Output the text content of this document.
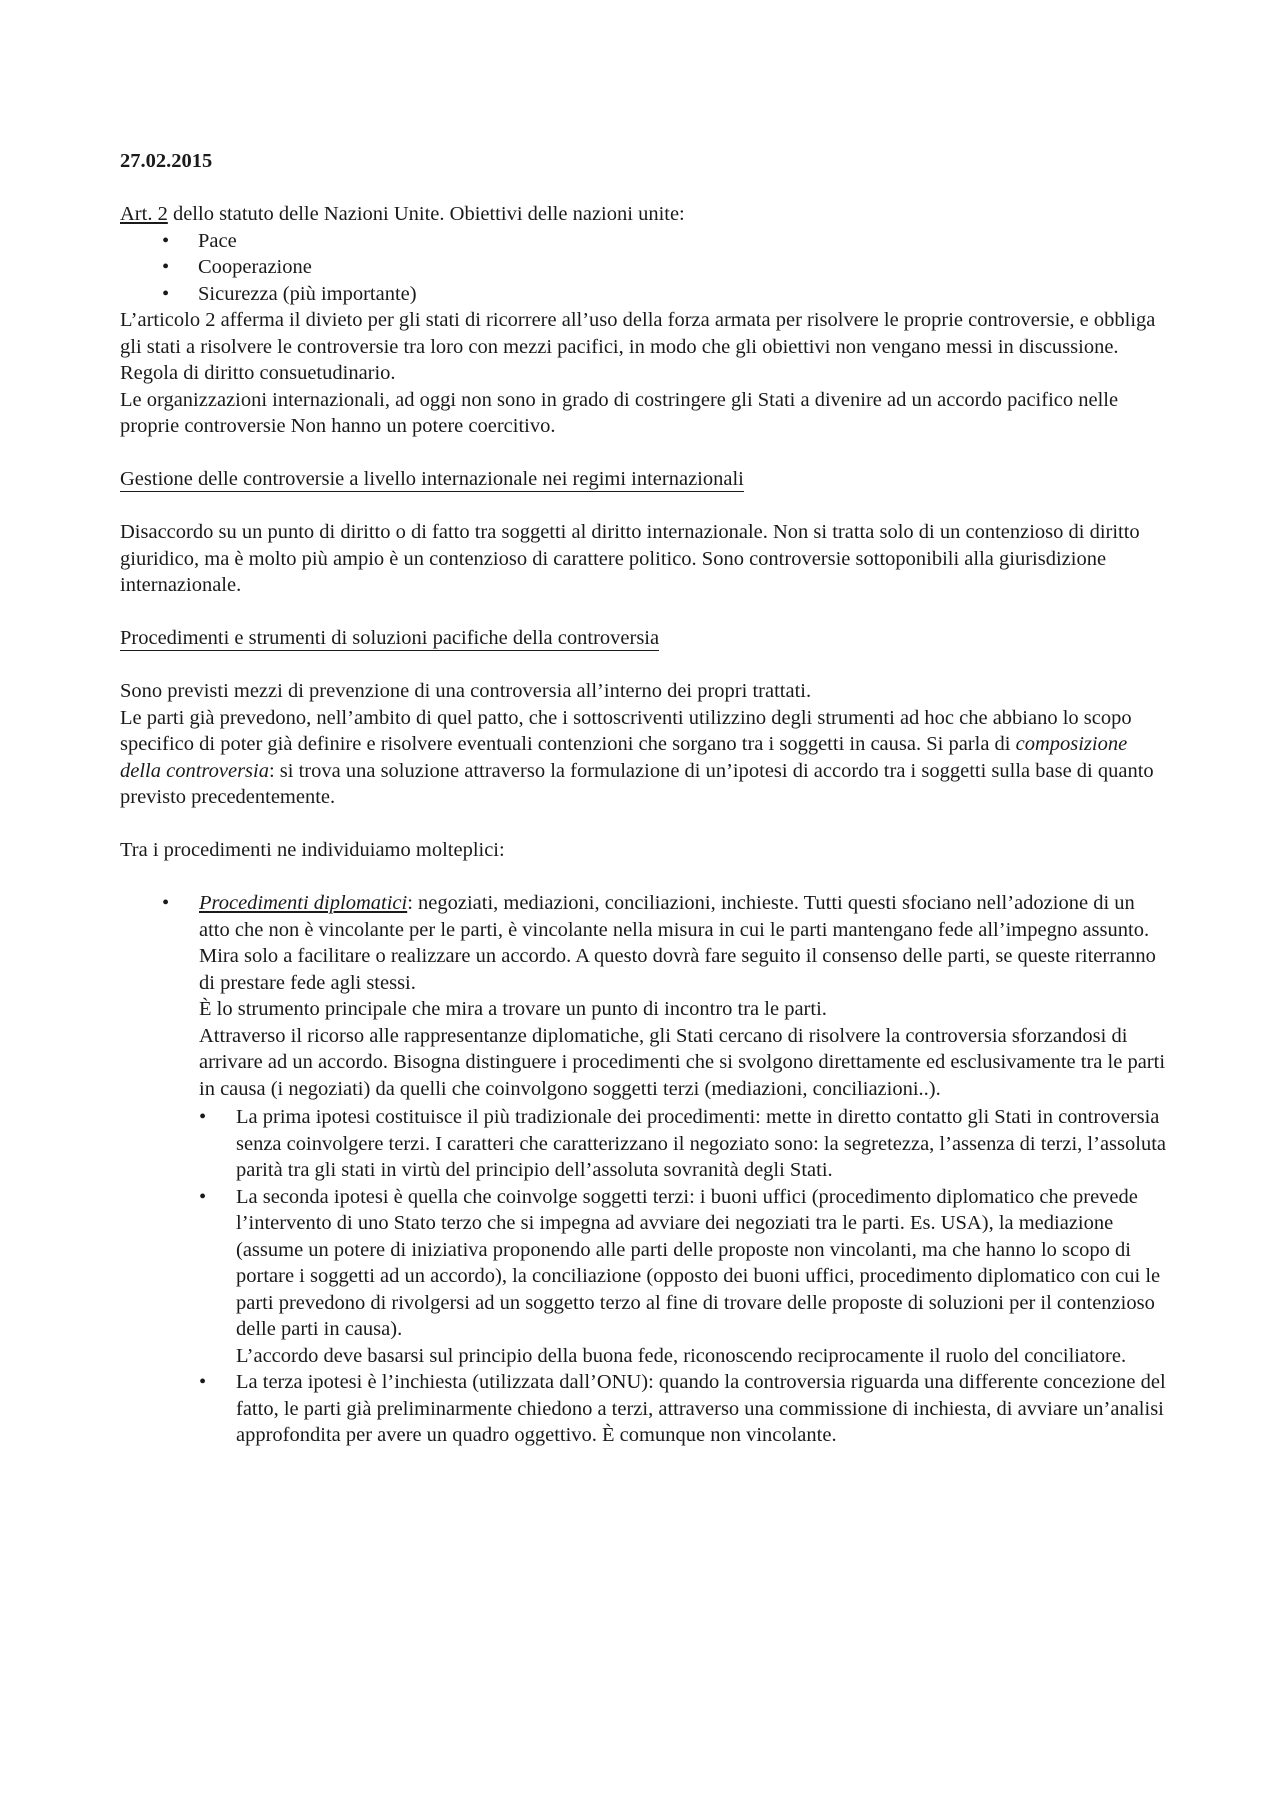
27.02.2015

Art. 2 dello statuto delle Nazioni Unite. Obiettivi delle nazioni unite:

• Pace
• Cooperazione
• Sicurezza (più importante)

L’articolo 2 afferma il divieto per gli stati di ricorrere all’uso della forza armata per risolvere le proprie controversie, e obbliga gli stati a risolvere le controversie tra loro con mezzi pacifici, in modo che gli obiettivi non vengano messi in discussione.

Regola di diritto consuetudinario.

Le organizzazioni internazionali, ad oggi non sono in grado di costringere gli Stati a divenire ad un accordo pacifico nelle proprie controversie Non hanno un potere coercitivo.

Gestione delle controversie a livello internazionale nei regimi internazionali

Disaccordo su un punto di diritto o di fatto tra soggetti al diritto internazionale. Non si tratta solo di un contenzioso di diritto giuridico, ma è molto più ampio è un contenzioso di carattere politico. Sono controversie sottoponibili alla giurisdizione internazionale.

Procedimenti e strumenti di soluzioni pacifiche della controversia

Sono previsti mezzi di prevenzione di una controversia all’interno dei propri trattati.

Le parti già prevedono, nell’ambito di quel patto, che i sottoscriventi utilizzino degli strumenti ad hoc che abbiano lo scopo specifico di poter già definire e risolvere eventuali contenzioni che sorgano tra i soggetti in causa. Si parla di composizione della controversia: si trova una soluzione attraverso la formulazione di un’ipotesi di accordo tra i soggetti sulla base di quanto previsto precedentemente.

Tra i procedimenti ne individuiamo molteplici:

• Procedimenti diplomatici: negoziati, mediazioni, conciliazioni, inchieste. Tutti questi sfociano nell’adozione di un atto che non è vincolante per le parti, è vincolante nella misura in cui le parti mantengano fede all’impegno assunto. Mira solo a facilitare o realizzare un accordo. A questo dovrà fare seguito il consenso delle parti, se queste riterranno di prestare fede agli stessi.

È lo strumento principale che mira a trovare un punto di incontro tra le parti.

Attraverso il ricorso alle rappresentanze diplomatiche, gli Stati cercano di risolvere la controversia sforzandosi di arrivare ad un accordo. Bisogna distinguere i procedimenti che si svolgono direttamente ed esclusivamente tra le parti in causa (i negoziati) da quelli che coinvolgono soggetti terzi (mediazioni, conciliazioni..).

• La prima ipotesi costituisce il più tradizionale dei procedimenti: mette in diretto contatto gli Stati in controversia senza coinvolgere terzi. I caratteri che caratterizzano il negoziato sono: la segretezza, l’assenza di terzi, l’assoluta parità tra gli stati in virtù del principio dell’assoluta sovranità degli Stati.

• La seconda ipotesi è quella che coinvolge soggetti terzi: i buoni uffici (procedimento diplomatico che prevede l’intervento di uno Stato terzo che si impegna ad avviare dei negoziati tra le parti. Es. USA), la mediazione (assume un potere di iniziativa proponendo alle parti delle proposte non vincolanti, ma che hanno lo scopo di portare i soggetti ad un accordo), la conciliazione (opposto dei buoni uffici, procedimento diplomatico con cui le parti prevedono di rivolgersi ad un soggetto terzo al fine di trovare delle proposte di soluzioni per il contenzioso delle parti in causa).

L’accordo deve basarsi sul principio della buona fede, riconoscendo reciprocamente il ruolo del conciliatore.

• La terza ipotesi è l’inchiesta (utilizzata dall’ONU): quando la controversia riguarda una differente concezione del fatto, le parti già preliminarmente chiedono a terzi, attraverso una commissione di inchiesta, di avviare un’analisi approfondita per avere un quadro oggettivo. È comunque non vincolante.
